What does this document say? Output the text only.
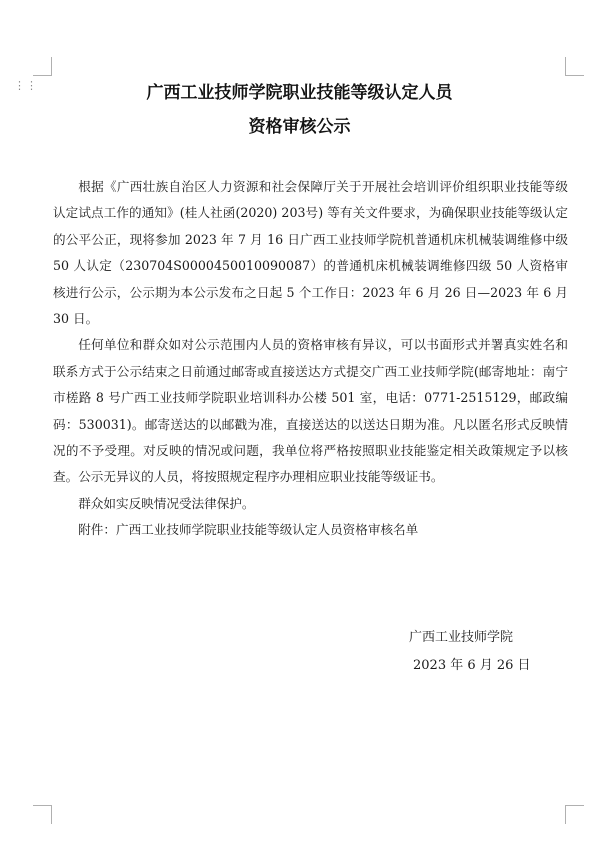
⋮⋮	广西工业技师学院职业技能等级认定人员
资格审核公示

根据《广西壮族自治区人力资源和社会保障厅关于开展社会培训评价组织职业技能等级认定试点工作的通知》(桂人社函(2020) 203号) 等有关文件要求，为确保职业技能等级认定的公平公正，现将参加 2023 年 7 月 16 日广西工业技师学院机普通机床机械装调维修中级 50 人认定（230704S0000450010090087）的普通机床机械装调维修四级 50 人资格审核进行公示，公示期为本公示发布之日起 5 个工作日：2023 年 6 月 26 日—2023 年 6 月 30 日。

任何单位和群众如对公示范围内人员的资格审核有异议，可以书面形式并署真实姓名和联系方式于公示结束之日前通过邮寄或直接送达方式提交广西工业技师学院(邮寄地址：南宁市槎路 8 号广西工业技师学院职业培训科办公楼 501 室，电话：0771-2515129，邮政编码：530031)。邮寄送达的以邮戳为准，直接送达的以送达日期为准。凡以匿名形式反映情况的不予受理。对反映的情况或问题，我单位将严格按照职业技能鉴定相关政策规定予以核查。公示无异议的人员，将按照规定程序办理相应职业技能等级证书。

群众如实反映情况受法律保护。

附件：广西工业技师学院职业技能等级认定人员资格审核名单

广西工业技师学院
2023 年 6 月 26 日
